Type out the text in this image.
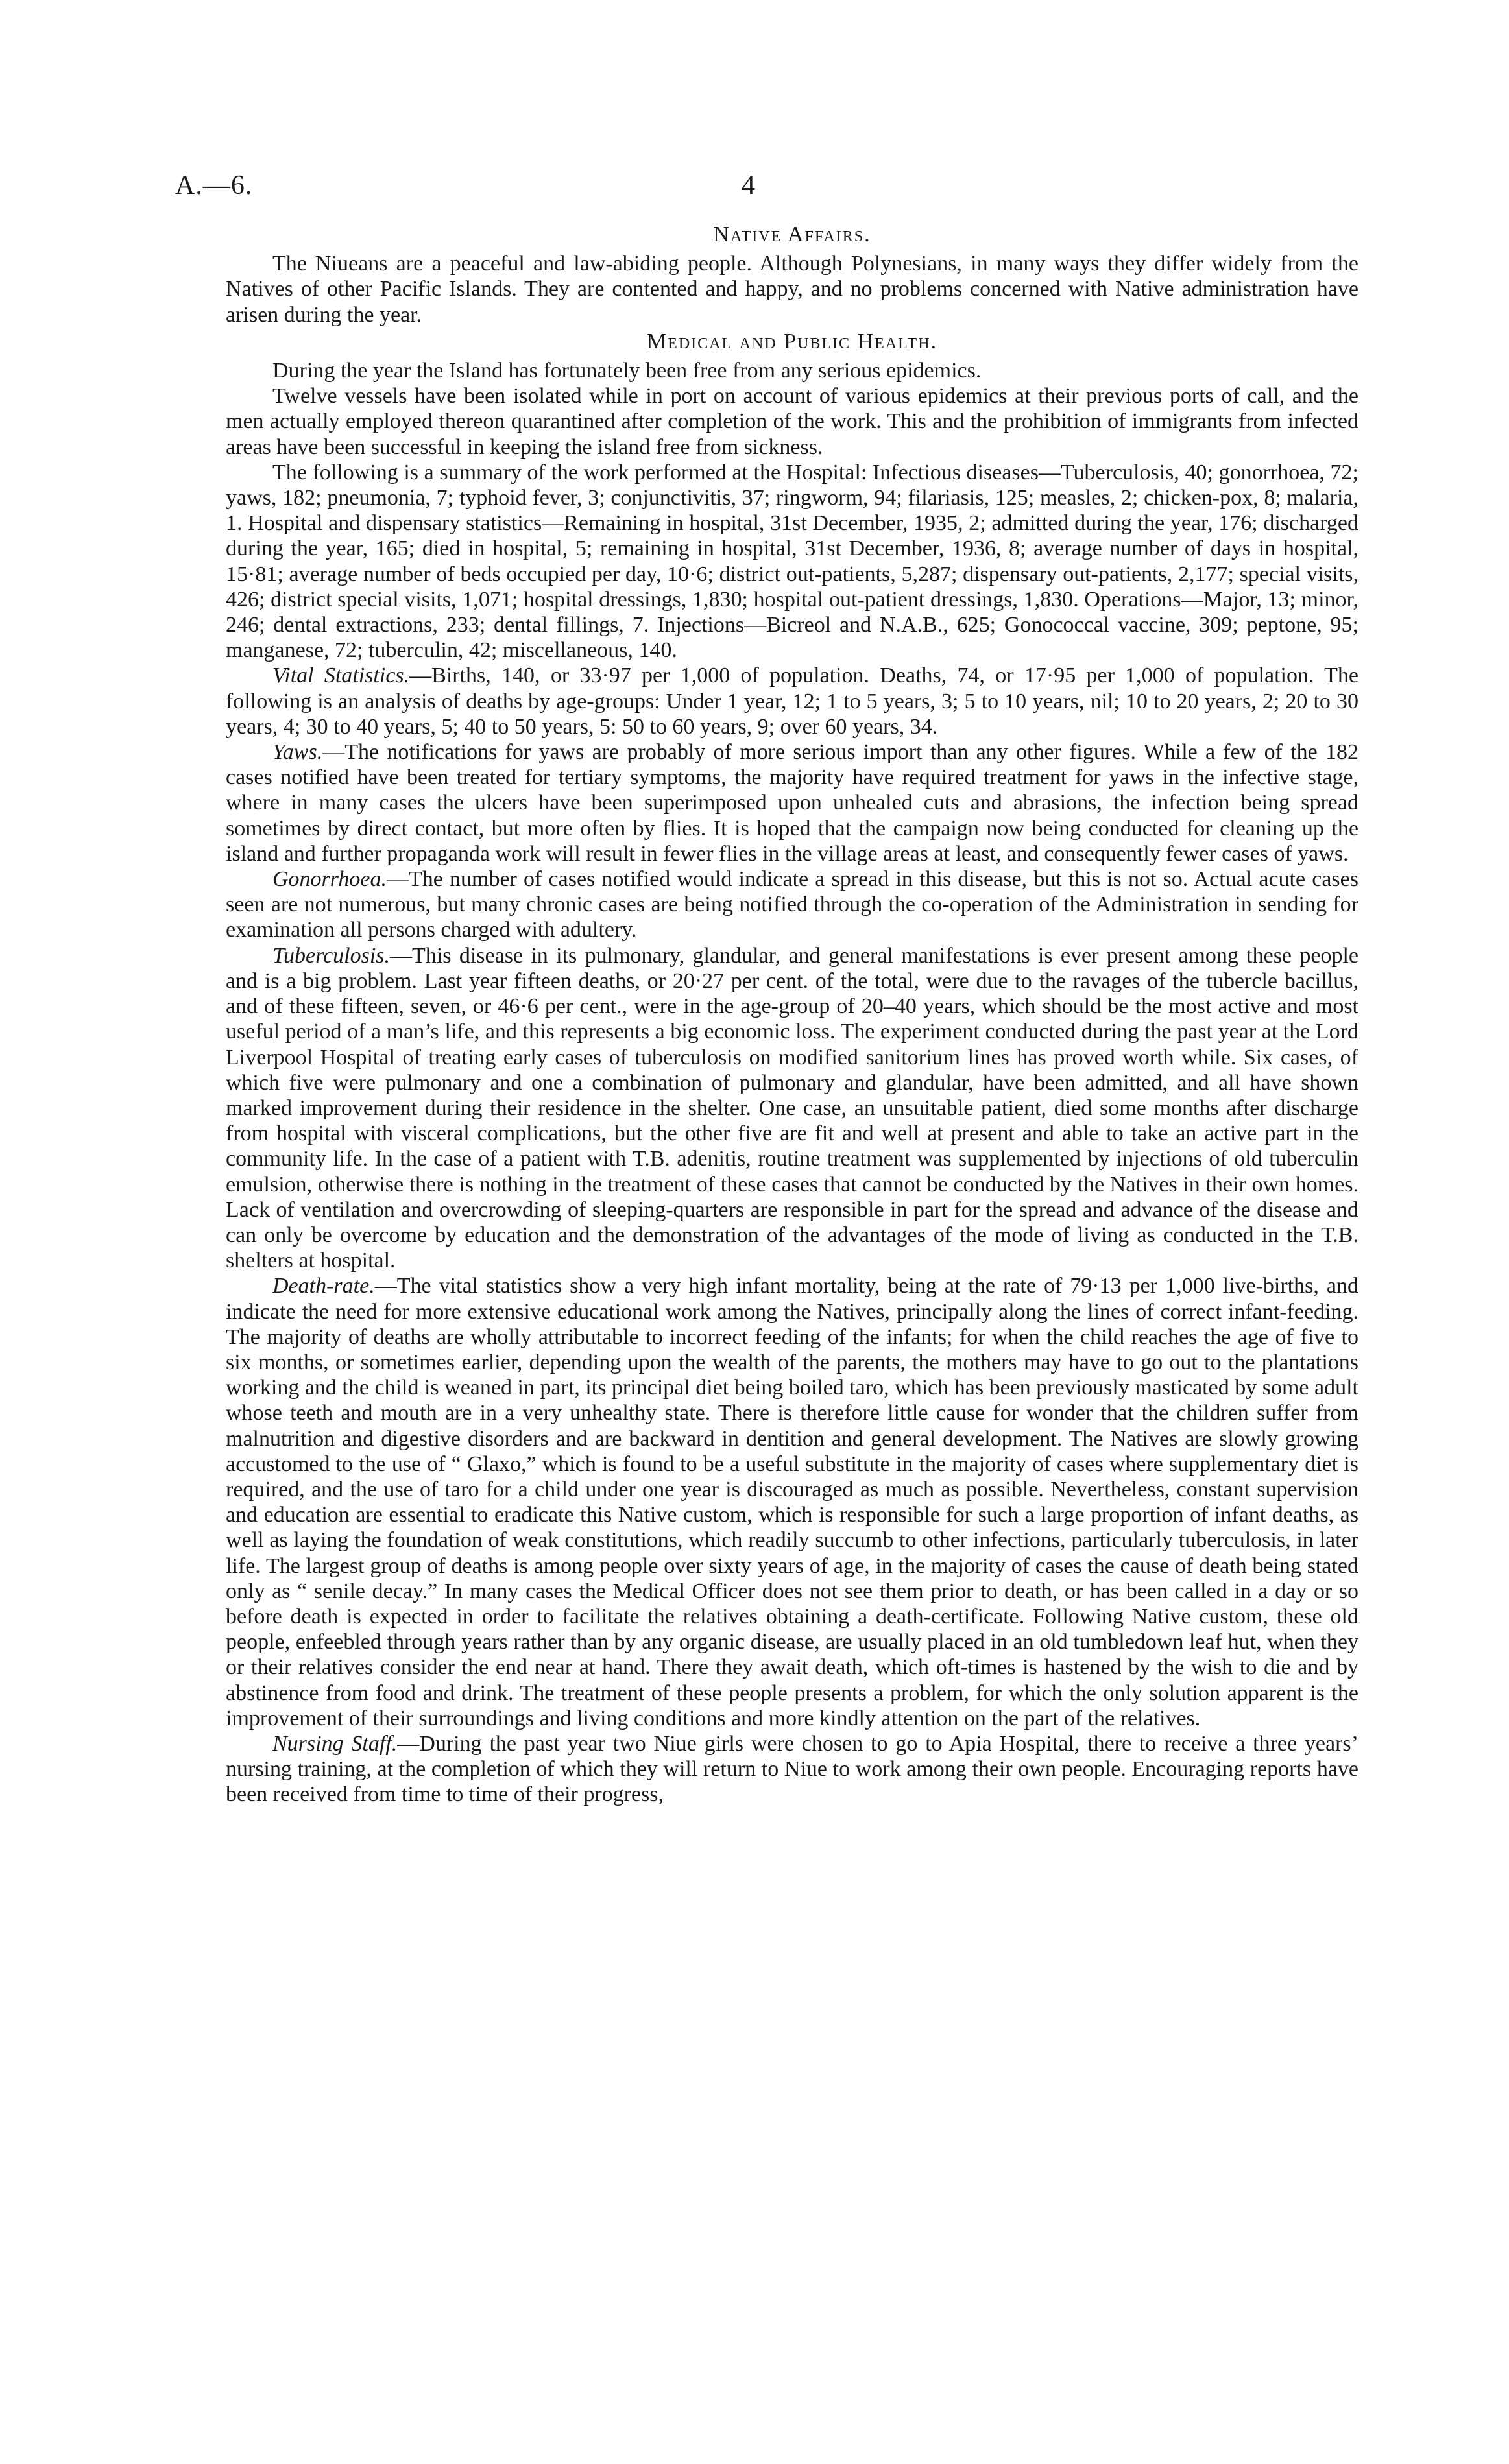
A.—6.	4
Native Affairs.

The Niueans are a peaceful and law-abiding people. Although Polynesians, in many ways they differ widely from the Natives of other Pacific Islands. They are contented and happy, and no problems concerned with Native administration have arisen during the year.

Medical and Public Health.

During the year the Island has fortunately been free from any serious epidemics.

Twelve vessels have been isolated while in port on account of various epidemics at their previous ports of call, and the men actually employed thereon quarantined after completion of the work. This and the prohibition of immigrants from infected areas have been successful in keeping the island free from sickness.

The following is a summary of the work performed at the Hospital: Infectious diseases—Tuberculosis, 40; gonorrhoea, 72; yaws, 182; pneumonia, 7; typhoid fever, 3; conjunctivitis, 37; ringworm, 94; filariasis, 125; measles, 2; chicken-pox, 8; malaria, 1. Hospital and dispensary statistics—Remaining in hospital, 31st December, 1935, 2; admitted during the year, 176; discharged during the year, 165; died in hospital, 5; remaining in hospital, 31st December, 1936, 8; average number of days in hospital, 15·81; average number of beds occupied per day, 10·6; district out-patients, 5,287; dispensary out-patients, 2,177; special visits, 426; district special visits, 1,071; hospital dressings, 1,830; hospital out-patient dressings, 1,830. Operations—Major, 13; minor, 246; dental extractions, 233; dental fillings, 7. Injections—Bicreol and N.A.B., 625; Gonococcal vaccine, 309; peptone, 95; manganese, 72; tuberculin, 42; miscellaneous, 140.

Vital Statistics.—Births, 140, or 33·97 per 1,000 of population. Deaths, 74, or 17·95 per 1,000 of population. The following is an analysis of deaths by age-groups: Under 1 year, 12; 1 to 5 years, 3; 5 to 10 years, nil; 10 to 20 years, 2; 20 to 30 years, 4; 30 to 40 years, 5; 40 to 50 years, 5: 50 to 60 years, 9; over 60 years, 34.

Yaws.—The notifications for yaws are probably of more serious import than any other figures. While a few of the 182 cases notified have been treated for tertiary symptoms, the majority have required treatment for yaws in the infective stage, where in many cases the ulcers have been superimposed upon unhealed cuts and abrasions, the infection being spread sometimes by direct contact, but more often by flies. It is hoped that the campaign now being conducted for cleaning up the island and further propaganda work will result in fewer flies in the village areas at least, and consequently fewer cases of yaws.

Gonorrhoea.—The number of cases notified would indicate a spread in this disease, but this is not so. Actual acute cases seen are not numerous, but many chronic cases are being notified through the co-operation of the Administration in sending for examination all persons charged with adultery.

Tuberculosis.—This disease in its pulmonary, glandular, and general manifestations is ever present among these people and is a big problem. Last year fifteen deaths, or 20·27 per cent. of the total, were due to the ravages of the tubercle bacillus, and of these fifteen, seven, or 46·6 per cent., were in the age-group of 20–40 years, which should be the most active and most useful period of a man’s life, and this represents a big economic loss. The experiment conducted during the past year at the Lord Liverpool Hospital of treating early cases of tuberculosis on modified sanitorium lines has proved worth while. Six cases, of which five were pulmonary and one a combination of pulmonary and glandular, have been admitted, and all have shown marked improvement during their residence in the shelter. One case, an unsuitable patient, died some months after discharge from hospital with visceral complications, but the other five are fit and well at present and able to take an active part in the community life. In the case of a patient with T.B. adenitis, routine treatment was supplemented by injections of old tuberculin emulsion, otherwise there is nothing in the treatment of these cases that cannot be conducted by the Natives in their own homes. Lack of ventilation and overcrowding of sleeping-quarters are responsible in part for the spread and advance of the disease and can only be overcome by education and the demonstration of the advantages of the mode of living as conducted in the T.B. shelters at hospital.

Death-rate.—The vital statistics show a very high infant mortality, being at the rate of 79·13 per 1,000 live-births, and indicate the need for more extensive educational work among the Natives, principally along the lines of correct infant-feeding. The majority of deaths are wholly attributable to incorrect feeding of the infants; for when the child reaches the age of five to six months, or sometimes earlier, depending upon the wealth of the parents, the mothers may have to go out to the plantations working and the child is weaned in part, its principal diet being boiled taro, which has been previously masticated by some adult whose teeth and mouth are in a very unhealthy state. There is therefore little cause for wonder that the children suffer from malnutrition and digestive disorders and are backward in dentition and general development. The Natives are slowly growing accustomed to the use of “ Glaxo,” which is found to be a useful substitute in the majority of cases where supplementary diet is required, and the use of taro for a child under one year is discouraged as much as possible. Nevertheless, constant supervision and education are essential to eradicate this Native custom, which is responsible for such a large proportion of infant deaths, as well as laying the foundation of weak constitutions, which readily succumb to other infections, particularly tuberculosis, in later life. The largest group of deaths is among people over sixty years of age, in the majority of cases the cause of death being stated only as “ senile decay.” In many cases the Medical Officer does not see them prior to death, or has been called in a day or so before death is expected in order to facilitate the relatives obtaining a death-certificate. Following Native custom, these old people, enfeebled through years rather than by any organic disease, are usually placed in an old tumbledown leaf hut, when they or their relatives consider the end near at hand. There they await death, which oft-times is hastened by the wish to die and by abstinence from food and drink. The treatment of these people presents a problem, for which the only solution apparent is the improvement of their surroundings and living conditions and more kindly attention on the part of the relatives.

Nursing Staff.—During the past year two Niue girls were chosen to go to Apia Hospital, there to receive a three years’ nursing training, at the completion of which they will return to Niue to work among their own people. Encouraging reports have been received from time to time of their progress,
